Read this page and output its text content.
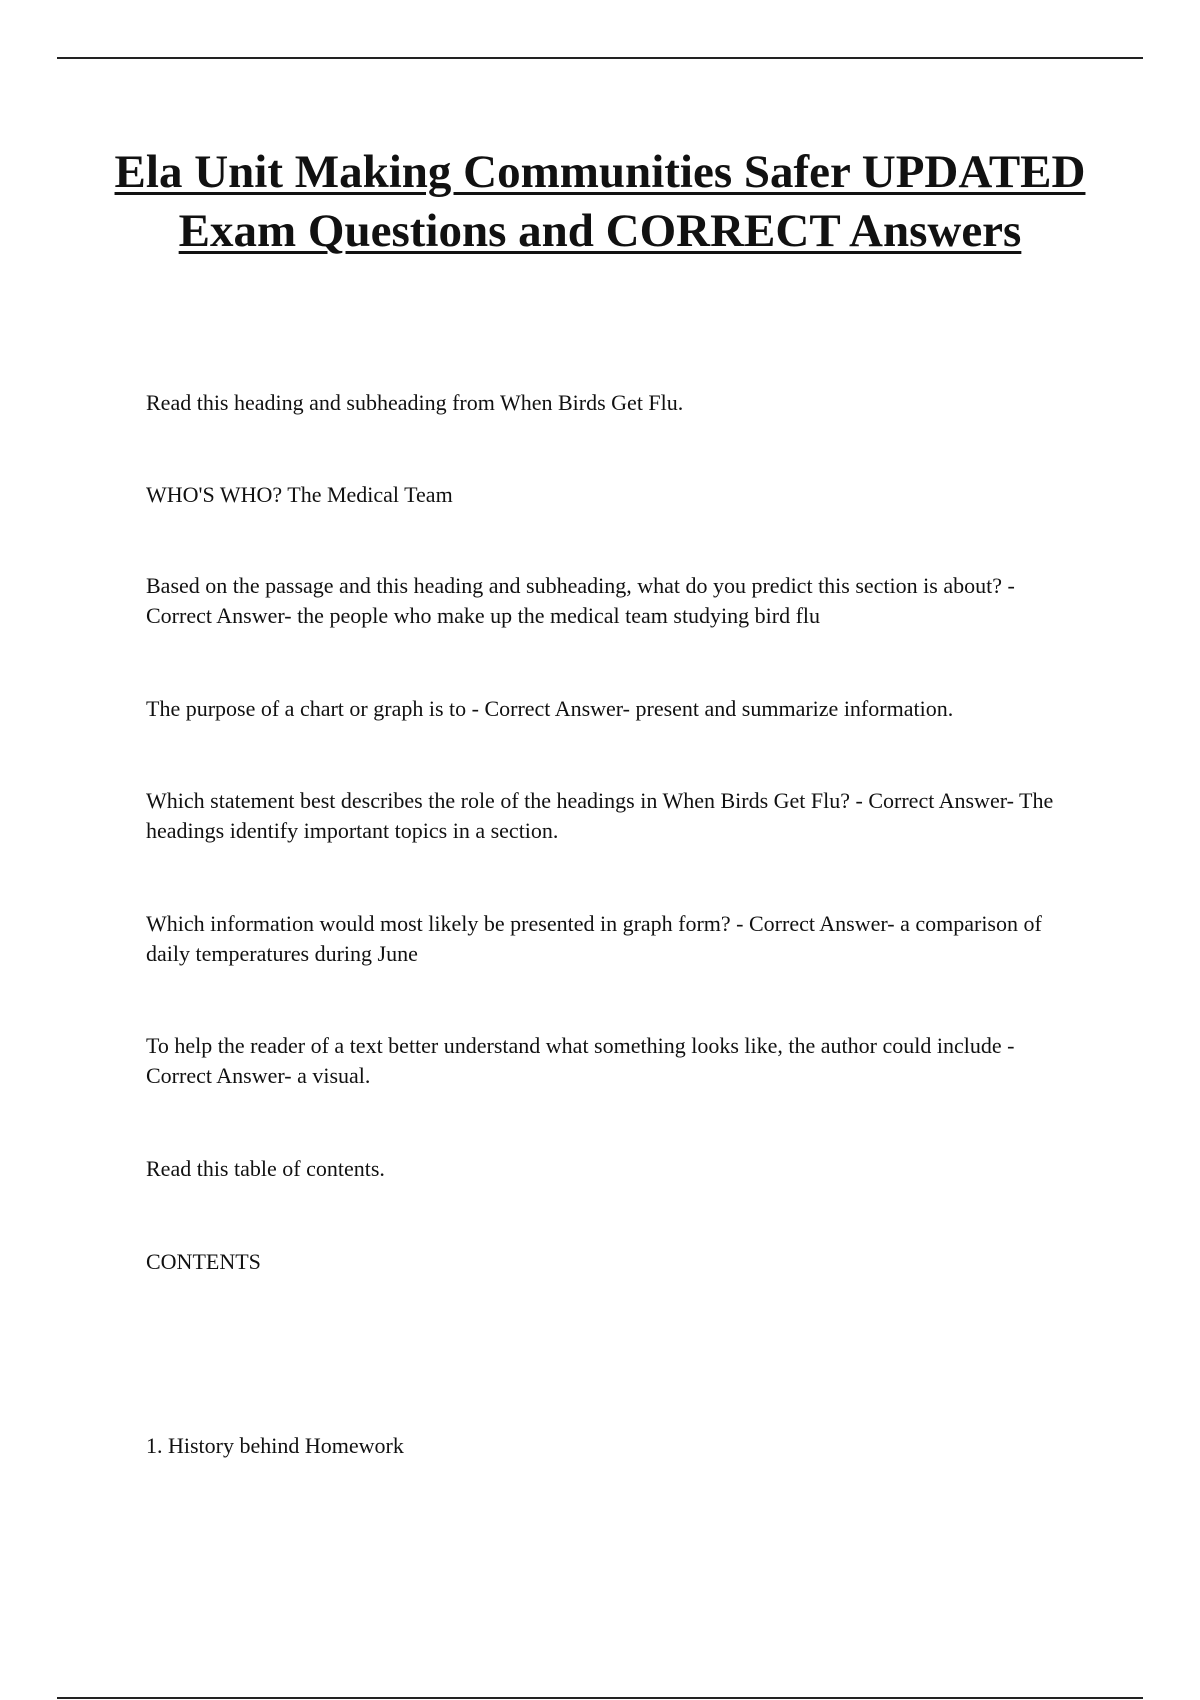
Ela Unit Making Communities Safer UPDATED Exam Questions and CORRECT Answers

Read this heading and subheading from When Birds Get Flu.

WHO'S WHO? The Medical Team

Based on the passage and this heading and subheading, what do you predict this section is about? - Correct Answer- the people who make up the medical team studying bird flu

The purpose of a chart or graph is to - Correct Answer- present and summarize information.

Which statement best describes the role of the headings in When Birds Get Flu? - Correct Answer- The headings identify important topics in a section.

Which information would most likely be presented in graph form? - Correct Answer- a comparison of daily temperatures during June

To help the reader of a text better understand what something looks like, the author could include - Correct Answer- a visual.

Read this table of contents.

CONTENTS

1. History behind Homework
